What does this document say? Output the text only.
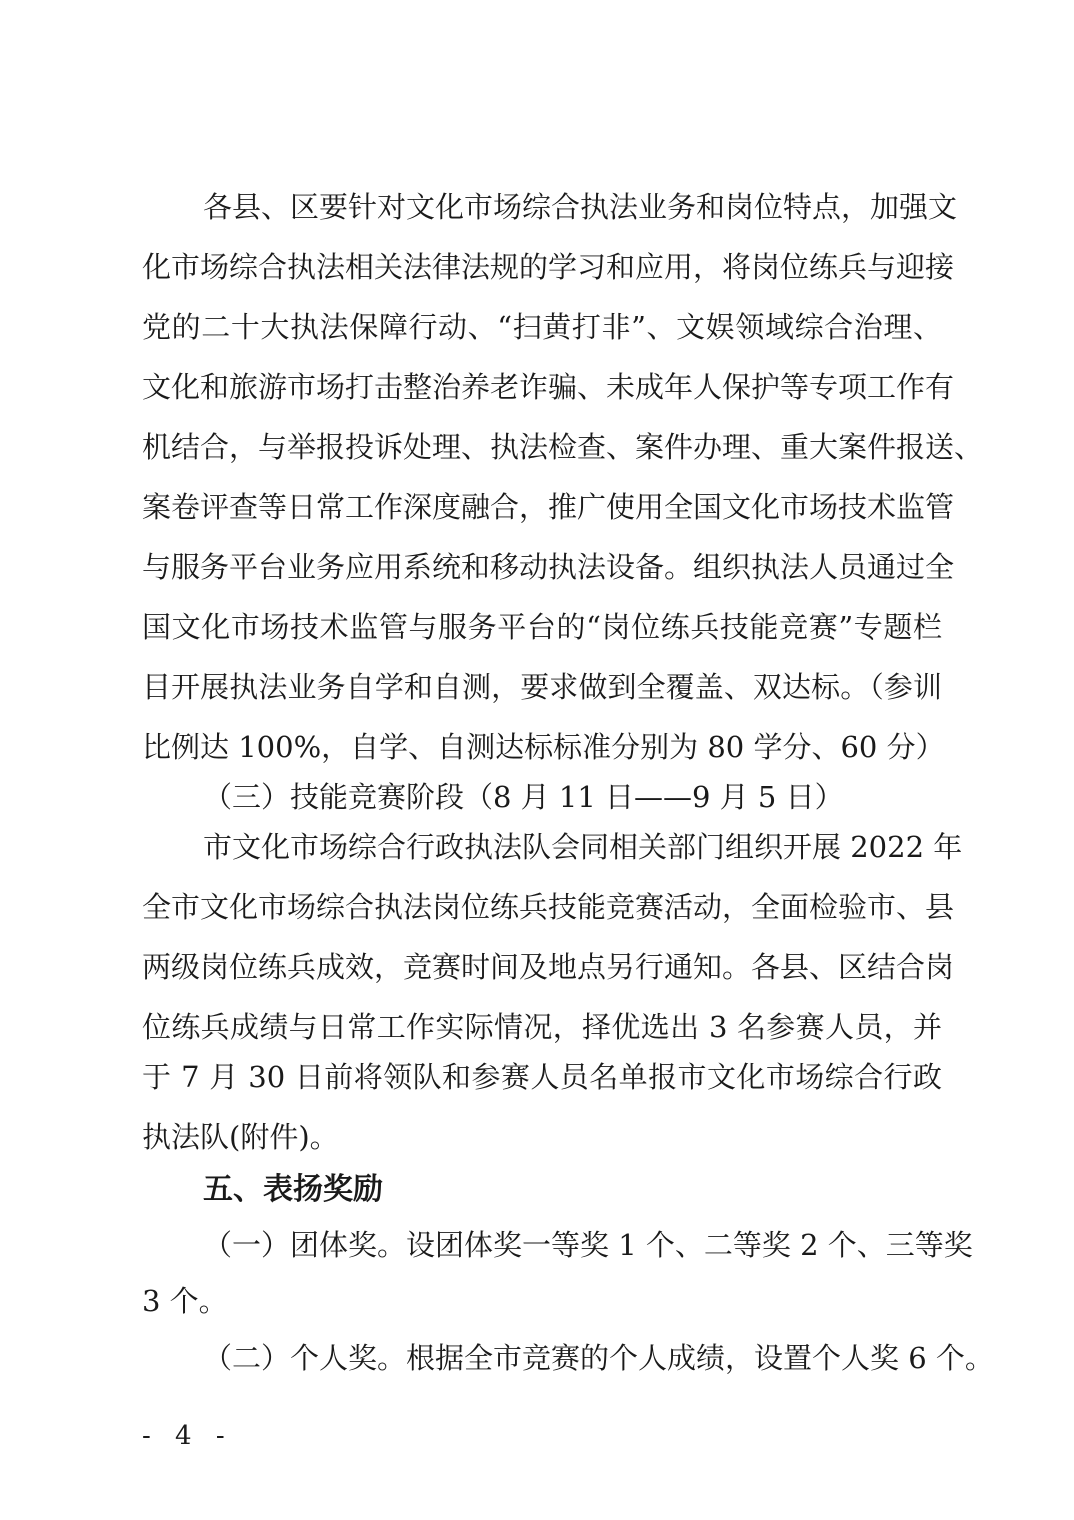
各县、区要针对文化市场综合执法业务和岗位特点，加强文
化市场综合执法相关法律法规的学习和应用，将岗位练兵与迎接
党的二十大执法保障行动、“扫黄打非”、文娱领域综合治理、
文化和旅游市场打击整治养老诈骗、未成年人保护等专项工作有
机结合，与举报投诉处理、执法检查、案件办理、重大案件报送、
案卷评查等日常工作深度融合，推广使用全国文化市场技术监管
与服务平台业务应用系统和移动执法设备。组织执法人员通过全
国文化市场技术监管与服务平台的“岗位练兵技能竞赛”专题栏
目开展执法业务自学和自测，要求做到全覆盖、双达标。（参训
比例达 100%，自学、自测达标标准分别为 80 学分、60 分）
（三）技能竞赛阶段（8 月 11 日——9 月 5 日）
市文化市场综合行政执法队会同相关部门组织开展 2022 年
全市文化市场综合执法岗位练兵技能竞赛活动，全面检验市、县
两级岗位练兵成效，竞赛时间及地点另行通知。各县、区结合岗
位练兵成绩与日常工作实际情况，择优选出 3 名参赛人员，并
于 7 月 30 日前将领队和参赛人员名单报市文化市场综合行政
执法队(附件)。
五、表扬奖励
（一）团体奖。设团体奖一等奖 1 个、二等奖 2 个、三等奖
3 个。
（二）个人奖。根据全市竞赛的个人成绩，设置个人奖 6 个。
- 4 -
